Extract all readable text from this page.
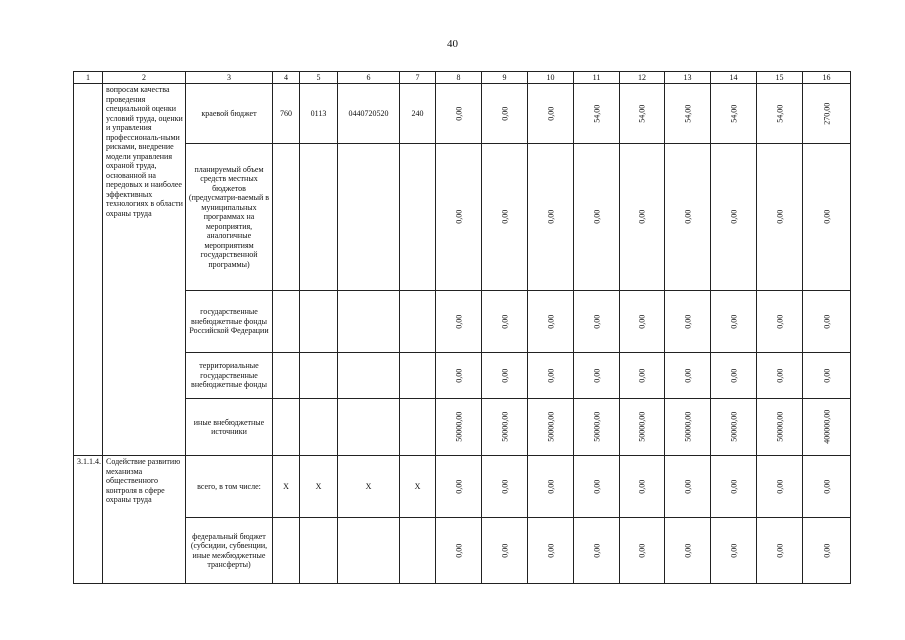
40
1	2	3	4	5	6	7	8	9	10	11	12	13	14	15	16
	вопросам качества проведения специальной оценки условий труда, оценки и управления профессиональ-ными рисками, внедрение модели управления охраной труда, основанной на передовых и наиболее эффективных технологиях в области охраны труда	краевой бюджет	760	0113	0440720520	240	0,00	0,00	0,00	54,00	54,00	54,00	54,00	54,00	270,00
		планируемый объем средств местных бюджетов (предусматри-ваемый в муниципальных программах на мероприятия, аналогичные мероприятиям государственной программы)					0,00	0,00	0,00	0,00	0,00	0,00	0,00	0,00	0,00
		государственные внебюджетные фонды Российской Федерации					0,00	0,00	0,00	0,00	0,00	0,00	0,00	0,00	0,00
		территориальные государственные внебюджетные фонды					0,00	0,00	0,00	0,00	0,00	0,00	0,00	0,00	0,00
		иные внебюджетные источники					50000,00	50000,00	50000,00	50000,00	50000,00	50000,00	50000,00	50000,00	400000,00
3.1.1.4.	Содействие развитию механизма общественного контроля в сфере охраны труда	всего, в том числе:	X	X	X	X	0,00	0,00	0,00	0,00	0,00	0,00	0,00	0,00	0,00
		федеральный бюджет (субсидии, субвенции, иные межбюджетные трансферты)					0,00	0,00	0,00	0,00	0,00	0,00	0,00	0,00	0,00
